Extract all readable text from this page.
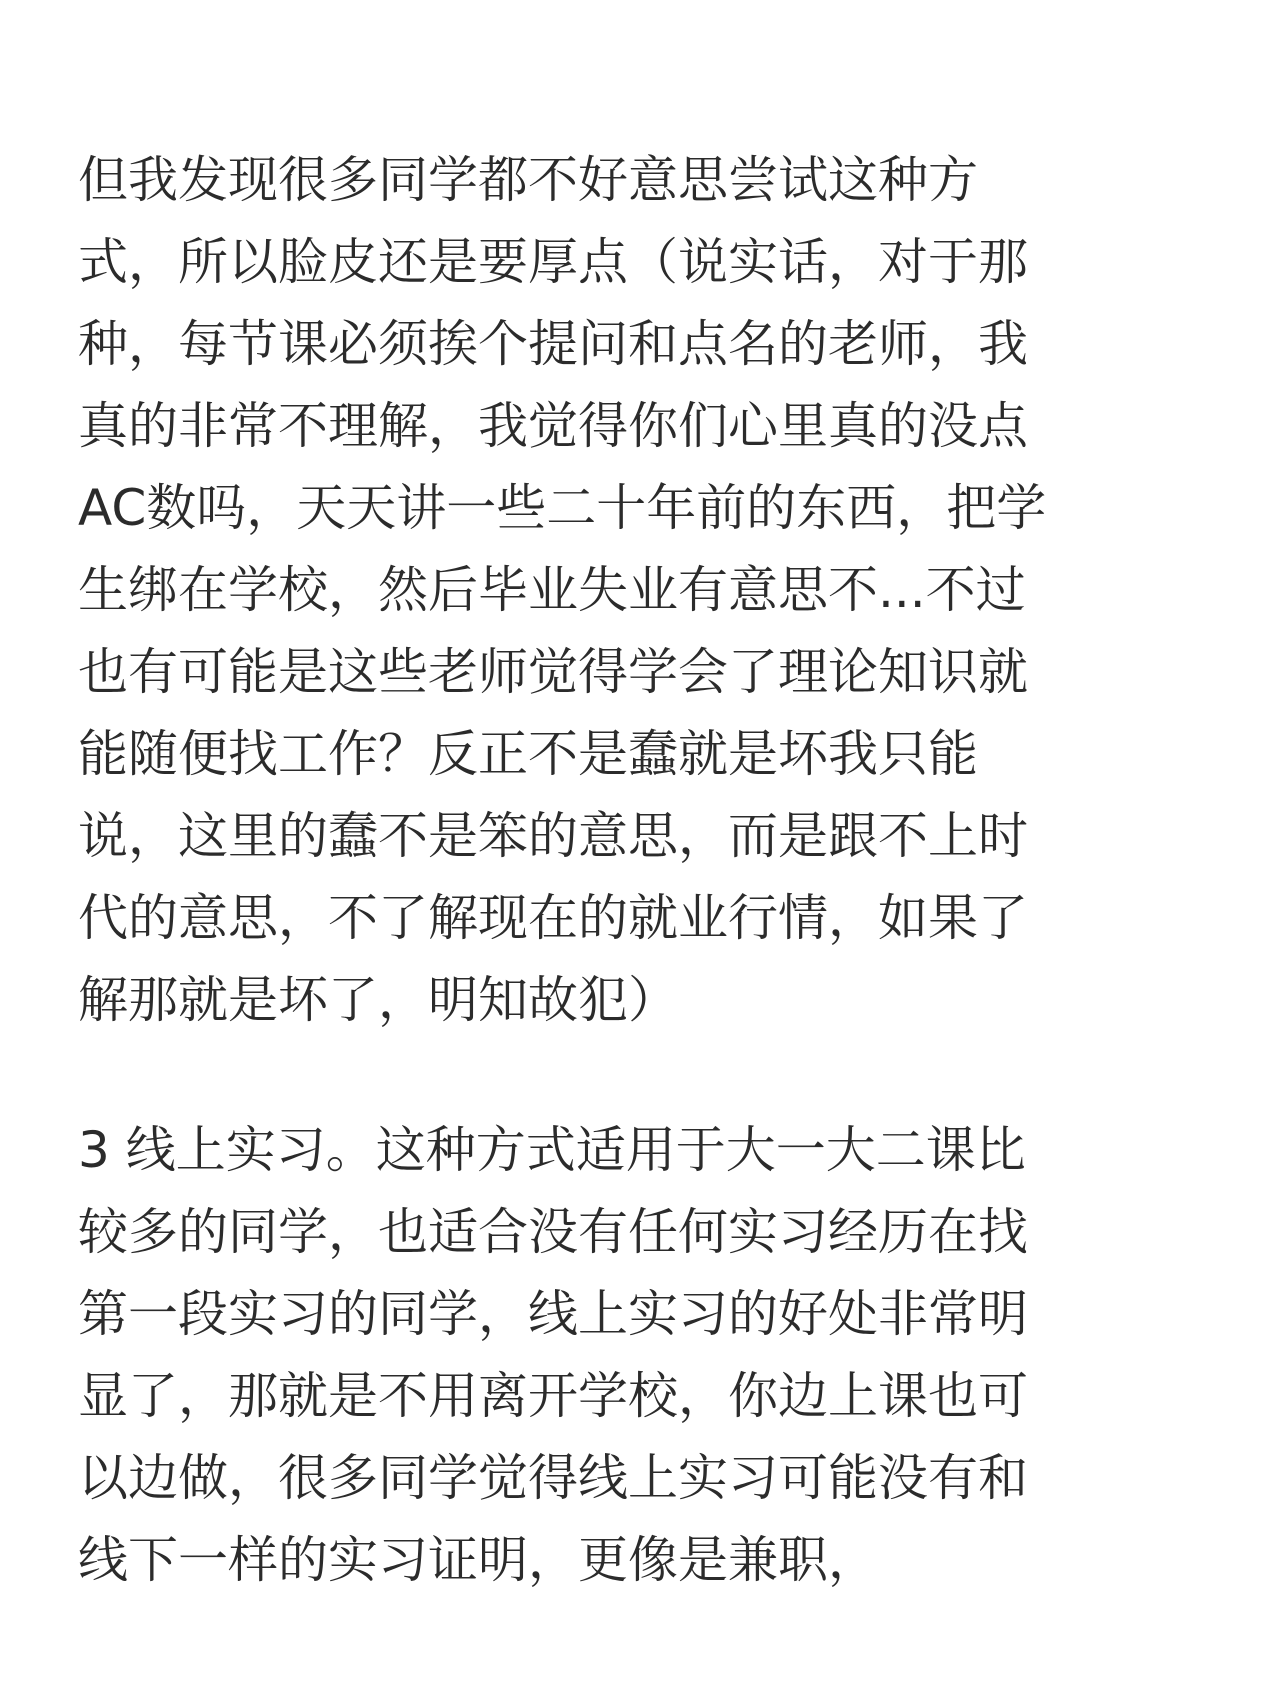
但我发现很多同学都不好意思尝试这种方
式，所以脸皮还是要厚点（说实话，对于那
种，每节课必须挨个提问和点名的老师，我
真的非常不理解，我觉得你们心里真的没点
AC数吗，天天讲一些二十年前的东西，把学
生绑在学校，然后毕业失业有意思不...不过
也有可能是这些老师觉得学会了理论知识就
能随便找工作？反正不是蠢就是坏我只能
说，这里的蠢不是笨的意思，而是跟不上时
代的意思，不了解现在的就业行情，如果了
解那就是坏了，明知故犯）
3 线上实习。这种方式适用于大一大二课比
较多的同学，也适合没有任何实习经历在找
第一段实习的同学，线上实习的好处非常明
显了，那就是不用离开学校，你边上课也可
以边做，很多同学觉得线上实习可能没有和
线下一样的实习证明，更像是兼职，
